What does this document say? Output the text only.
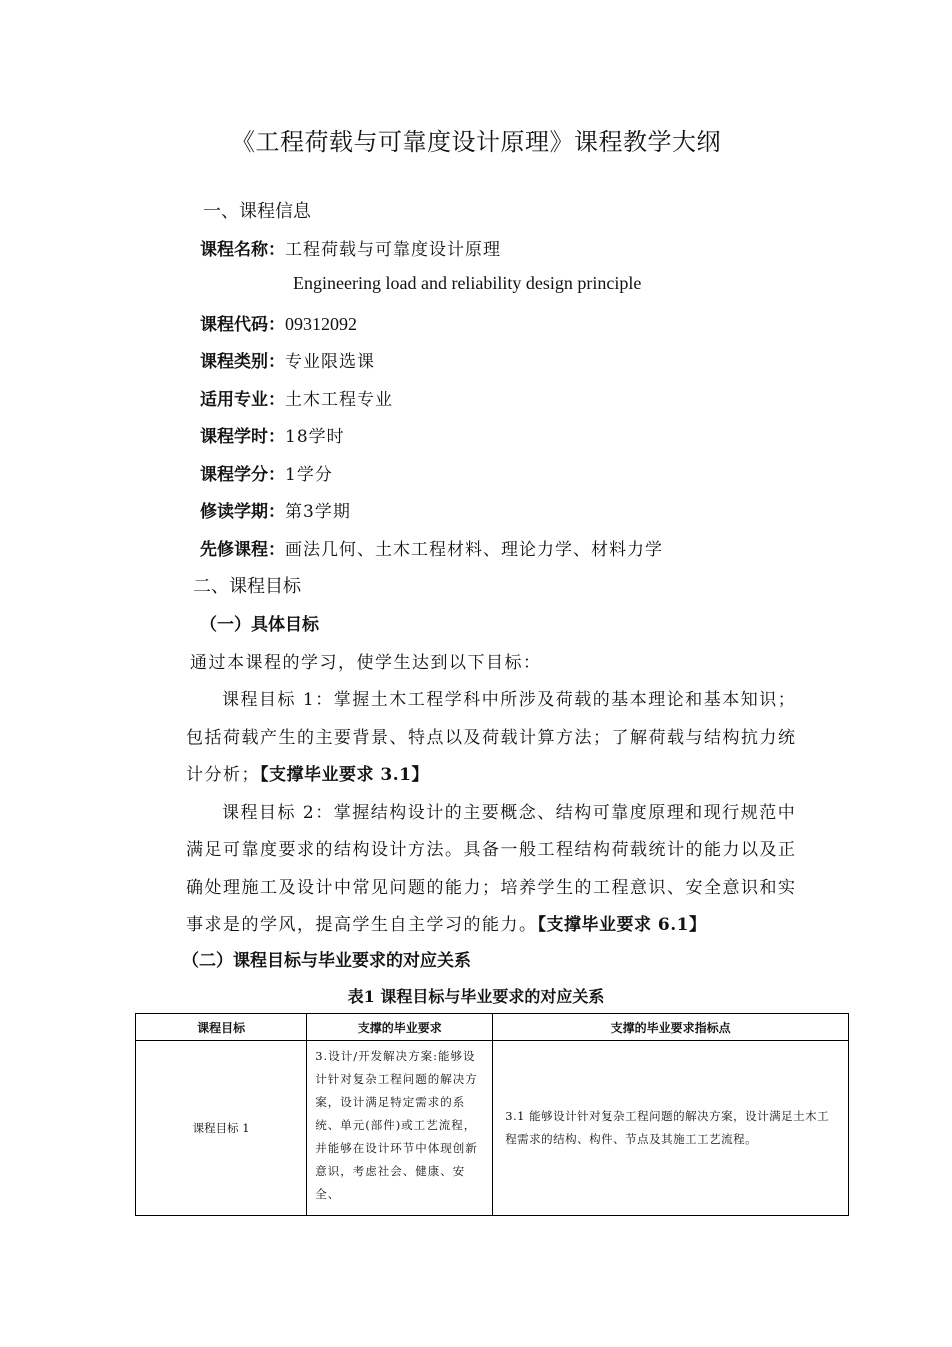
《工程荷载与可靠度设计原理》课程教学大纲
一、课程信息
课程名称：工程荷载与可靠度设计原理
Engineering load and reliability design principle
课程代码：09312092
课程类别：专业限选课
适用专业：土木工程专业
课程学时：18学时
课程学分：1学分
修读学期：第3学期
先修课程：画法几何、土木工程材料、理论力学、材料力学
二、课程目标
（一）具体目标
通过本课程的学习，使学生达到以下目标：
课程目标 1：掌握土木工程学科中所涉及荷载的基本理论和基本知识；
包括荷载产生的主要背景、特点以及荷载计算方法；了解荷载与结构抗力统
计分析；【支撑毕业要求 3.1】
课程目标 2：掌握结构设计的主要概念、结构可靠度原理和现行规范中
满足可靠度要求的结构设计方法。具备一般工程结构荷载统计的能力以及正
确处理施工及设计中常见问题的能力；培养学生的工程意识、安全意识和实
事求是的学风，提高学生自主学习的能力。【支撑毕业要求 6.1】
（二）课程目标与毕业要求的对应关系
表1 课程目标与毕业要求的对应关系
课程目标	支撑的毕业要求	支撑的毕业要求指标点
课程目标 1	3.设计/开发解决方案:能够设计针对复杂工程问题的解决方案，设计满足特定需求的系统、单元(部件)或工艺流程，并能够在设计环节中体现创新意识，考虑社会、健康、安全、	3.1 能够设计针对复杂工程问题的解决方案，设计满足土木工程需求的结构、构件、节点及其施工工艺流程。
